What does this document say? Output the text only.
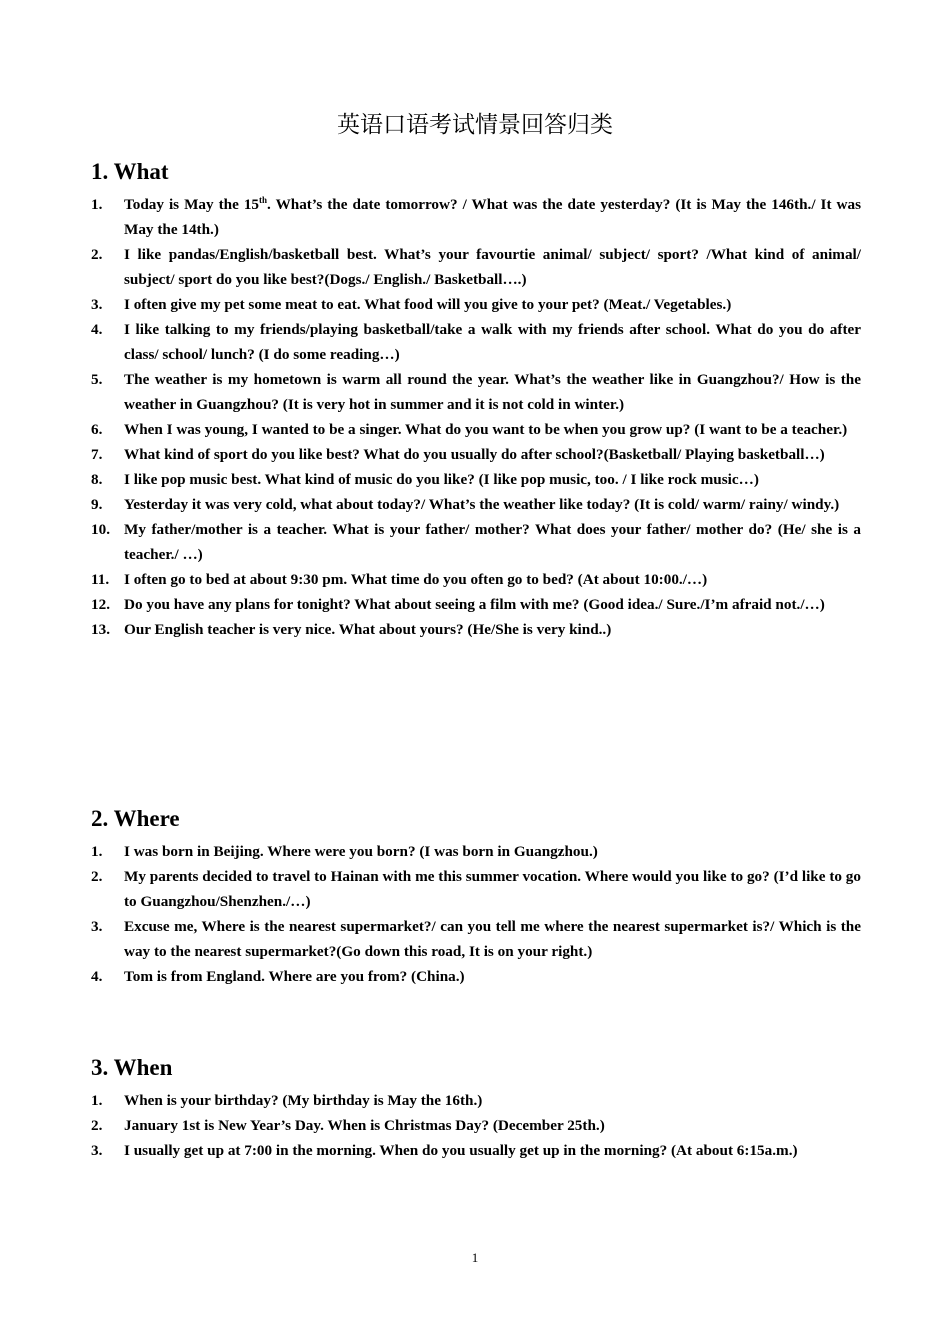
英语口语考试情景回答归类
1. What
1. Today is May the 15th. What’s the date tomorrow? / What was the date yesterday? (It is May the 146th./ It was May the 14th.)
2. I like pandas/English/basketball best. What’s your favourtie animal/ subject/ sport? /What kind of animal/ subject/ sport do you like best?(Dogs./ English./ Basketball….)
3. I often give my pet some meat to eat. What food will you give to your pet? (Meat./ Vegetables.)
4. I like talking to my friends/playing basketball/take a walk with my friends after school. What do you do after class/ school/ lunch? (I do some reading…)
5. The weather is my hometown is warm all round the year. What’s the weather like in Guangzhou?/ How is the weather in Guangzhou? (It is very hot in summer and it is not cold in winter.)
6. When I was young, I wanted to be a singer. What do you want to be when you grow up? (I want to be a teacher.)
7. What kind of sport do you like best? What do you usually do after school?(Basketball/ Playing basketball…)
8. I like pop music best. What kind of music do you like? (I like pop music, too. / I like rock music…)
9. Yesterday it was very cold, what about today?/ What’s the weather like today? (It is cold/ warm/ rainy/ windy.)
10. My father/mother is a teacher. What is your father/ mother? What does your father/ mother do? (He/ she is a teacher./ …)
11. I often go to bed at about 9:30 pm. What time do you often go to bed? (At about 10:00./…)
12. Do you have any plans for tonight? What about seeing a film with me? (Good idea./ Sure./I’m afraid not./…)
13. Our English teacher is very nice. What about yours? (He/She is very kind..)
2. Where
1. I was born in Beijing. Where were you born? (I was born in Guangzhou.)
2. My parents decided to travel to Hainan with me this summer vocation. Where would you like to go? (I’d like to go to Guangzhou/Shenzhen./…)
3. Excuse me, Where is the nearest supermarket?/ can you tell me where the nearest supermarket is?/ Which is the way to the nearest supermarket?(Go down this road, It is on your right.)
4. Tom is from England. Where are you from? (China.)
3. When
1. When is your birthday? (My birthday is May the 16th.)
2. January 1st is New Year’s Day. When is Christmas Day? (December 25th.)
3. I usually get up at 7:00 in the morning. When do you usually get up in the morning? (At about 6:15a.m.)
1
